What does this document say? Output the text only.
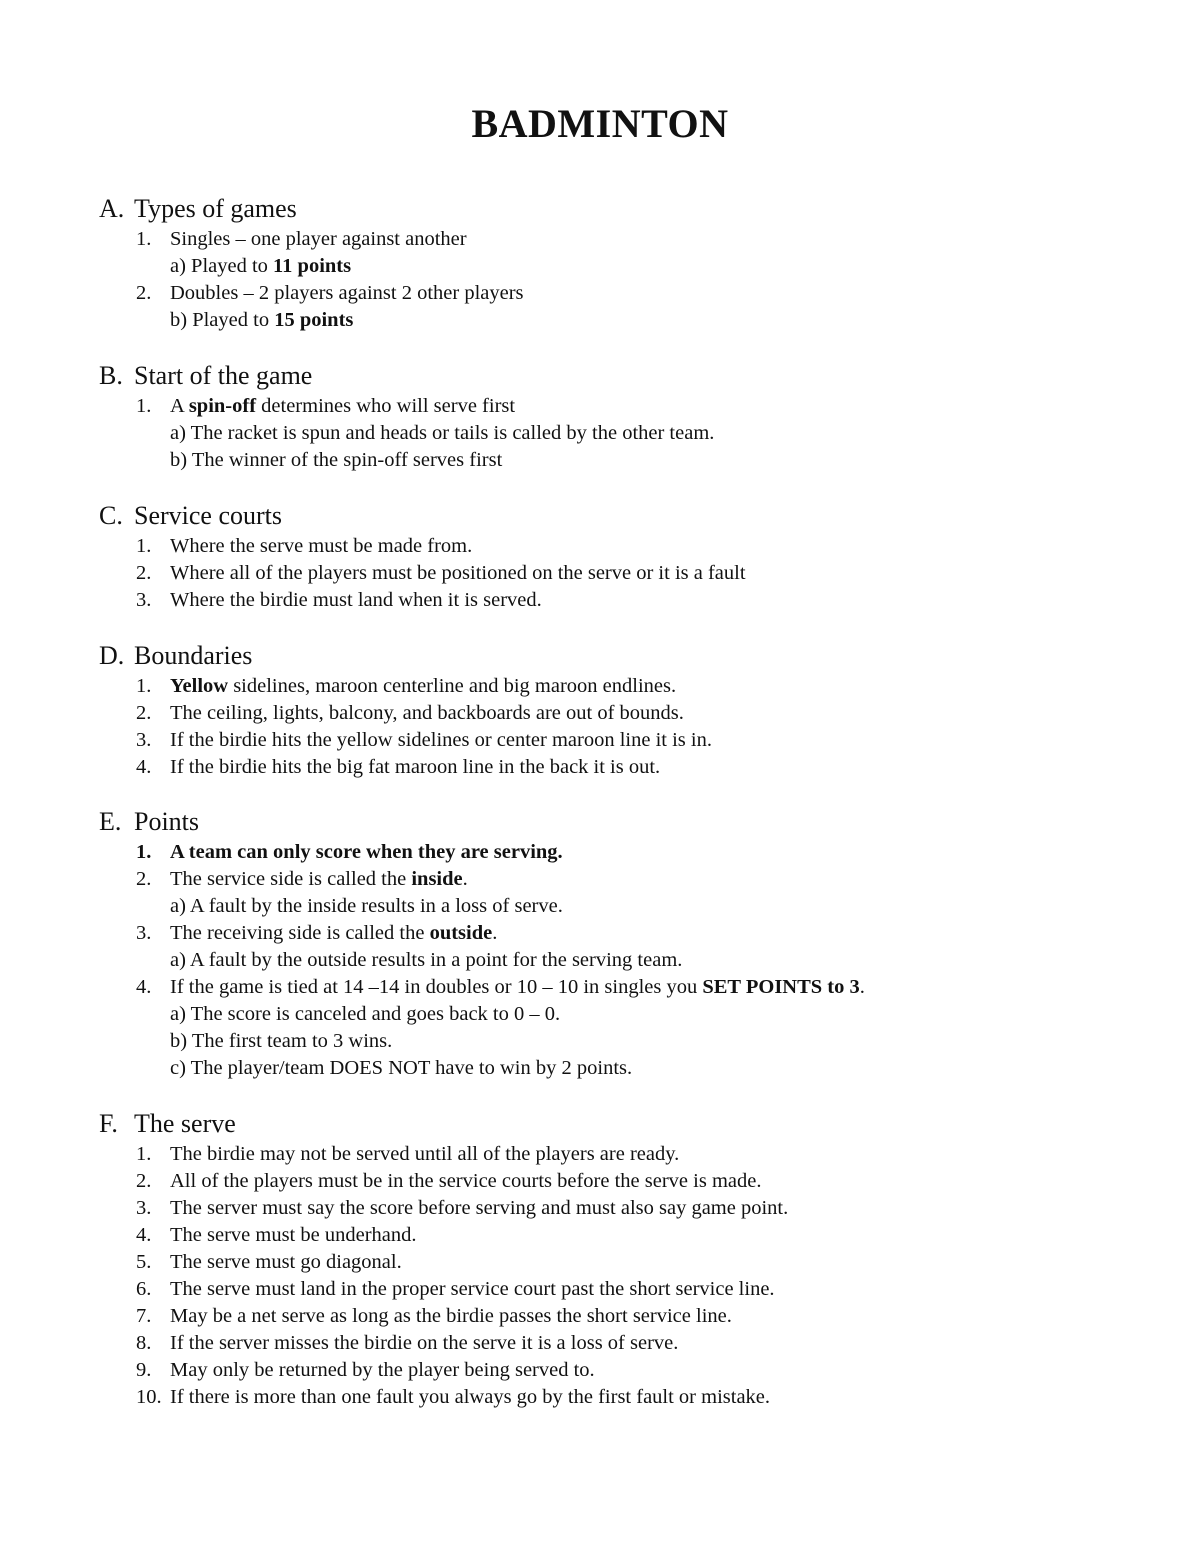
BADMINTON
A. Types of games
1. Singles – one player against another
a) Played to 11 points
2. Doubles – 2 players against 2 other players
b) Played to 15 points
B. Start of the game
1. A spin-off determines who will serve first
a) The racket is spun and heads or tails is called by the other team.
b) The winner of the spin-off serves first
C. Service courts
1. Where the serve must be made from.
2. Where all of the players must be positioned on the serve or it is a fault
3. Where the birdie must land when it is served.
D. Boundaries
1. Yellow sidelines, maroon centerline and big maroon endlines.
2. The ceiling, lights, balcony, and backboards are out of bounds.
3. If the birdie hits the yellow sidelines or center maroon line it is in.
4. If the birdie hits the big fat maroon line in the back it is out.
E. Points
1. A team can only score when they are serving.
2. The service side is called the inside.
a) A fault by the inside results in a loss of serve.
3. The receiving side is called the outside.
a) A fault by the outside results in a point for the serving team.
4. If the game is tied at 14 –14 in doubles or 10 – 10 in singles you SET POINTS to 3.
a) The score is canceled and goes back to 0 – 0.
b) The first team to 3 wins.
c) The player/team DOES NOT have to win by 2 points.
F. The serve
1. The birdie may not be served until all of the players are ready.
2. All of the players must be in the service courts before the serve is made.
3. The server must say the score before serving and must also say game point.
4. The serve must be underhand.
5. The serve must go diagonal.
6. The serve must land in the proper service court past the short service line.
7. May be a net serve as long as the birdie passes the short service line.
8. If the server misses the birdie on the serve it is a loss of serve.
9. May only be returned by the player being served to.
10. If there is more than one fault you always go by the first fault or mistake.
